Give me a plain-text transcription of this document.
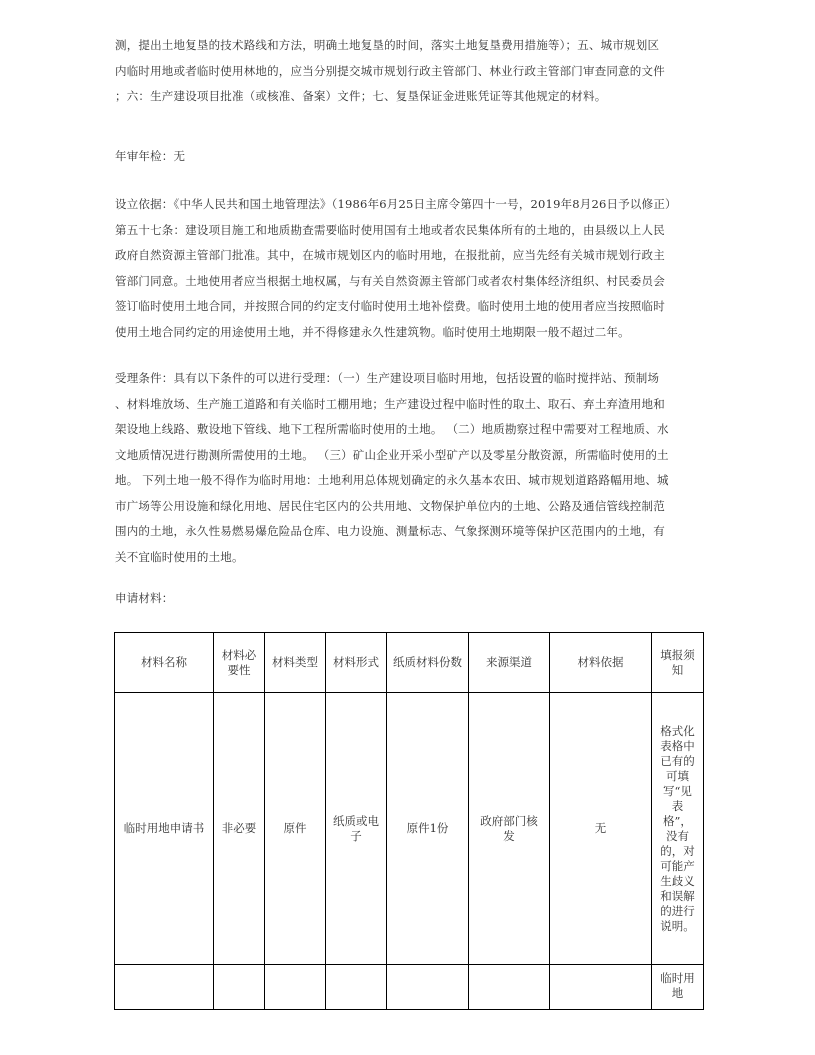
测，提出土地复垦的技术路线和方法，明确土地复垦的时间，落实土地复垦费用措施等）；五、城市规划区
内临时用地或者临时使用林地的，应当分别提交城市规划行政主管部门、林业行政主管部门审查同意的文件
；六：生产建设项目批准（或核准、备案）文件；七、复垦保证金进账凭证等其他规定的材料。
年审年检：无
设立依据：《中华人民共和国土地管理法》（1986年6月25日主席令第四十一号，2019年8月26日予以修正）
第五十七条：建设项目施工和地质勘查需要临时使用国有土地或者农民集体所有的土地的，由县级以上人民
政府自然资源主管部门批准。其中，在城市规划区内的临时用地，在报批前，应当先经有关城市规划行政主
管部门同意。土地使用者应当根据土地权属，与有关自然资源主管部门或者农村集体经济组织、村民委员会
签订临时使用土地合同，并按照合同的约定支付临时使用土地补偿费。临时使用土地的使用者应当按照临时
使用土地合同约定的用途使用土地，并不得修建永久性建筑物。临时使用土地期限一般不超过二年。
受理条件：具有以下条件的可以进行受理：（一）生产建设项目临时用地，包括设置的临时搅拌站、预制场
、材料堆放场、生产施工道路和有关临时工棚用地；生产建设过程中临时性的取土、取石、弃土弃渣用地和
架设地上线路、敷设地下管线、地下工程所需临时使用的土地。 （二）地质勘察过程中需要对工程地质、水
文地质情况进行勘测所需使用的土地。 （三）矿山企业开采小型矿产以及零星分散资源，所需临时使用的土
地。 下列土地一般不得作为临时用地：土地利用总体规划确定的永久基本农田、城市规划道路路幅用地、城
市广场等公用设施和绿化用地、居民住宅区内的公共用地、文物保护单位内的土地、公路及通信管线控制范
围内的土地，永久性易燃易爆危险品仓库、电力设施、测量标志、气象探测环境等保护区范围内的土地，有
关不宜临时使用的土地。
申请材料：
材料名称	材料必要性	材料类型	材料形式	纸质材料份数	来源渠道	材料依据	填报须知
临时用地申请书	非必要	原件	纸质或电子	原件1份	政府部门核发	无	格式化表格中已有的可填写“见表格”，没有的，对可能产生歧义和误解的进行说明。
							临时用地
